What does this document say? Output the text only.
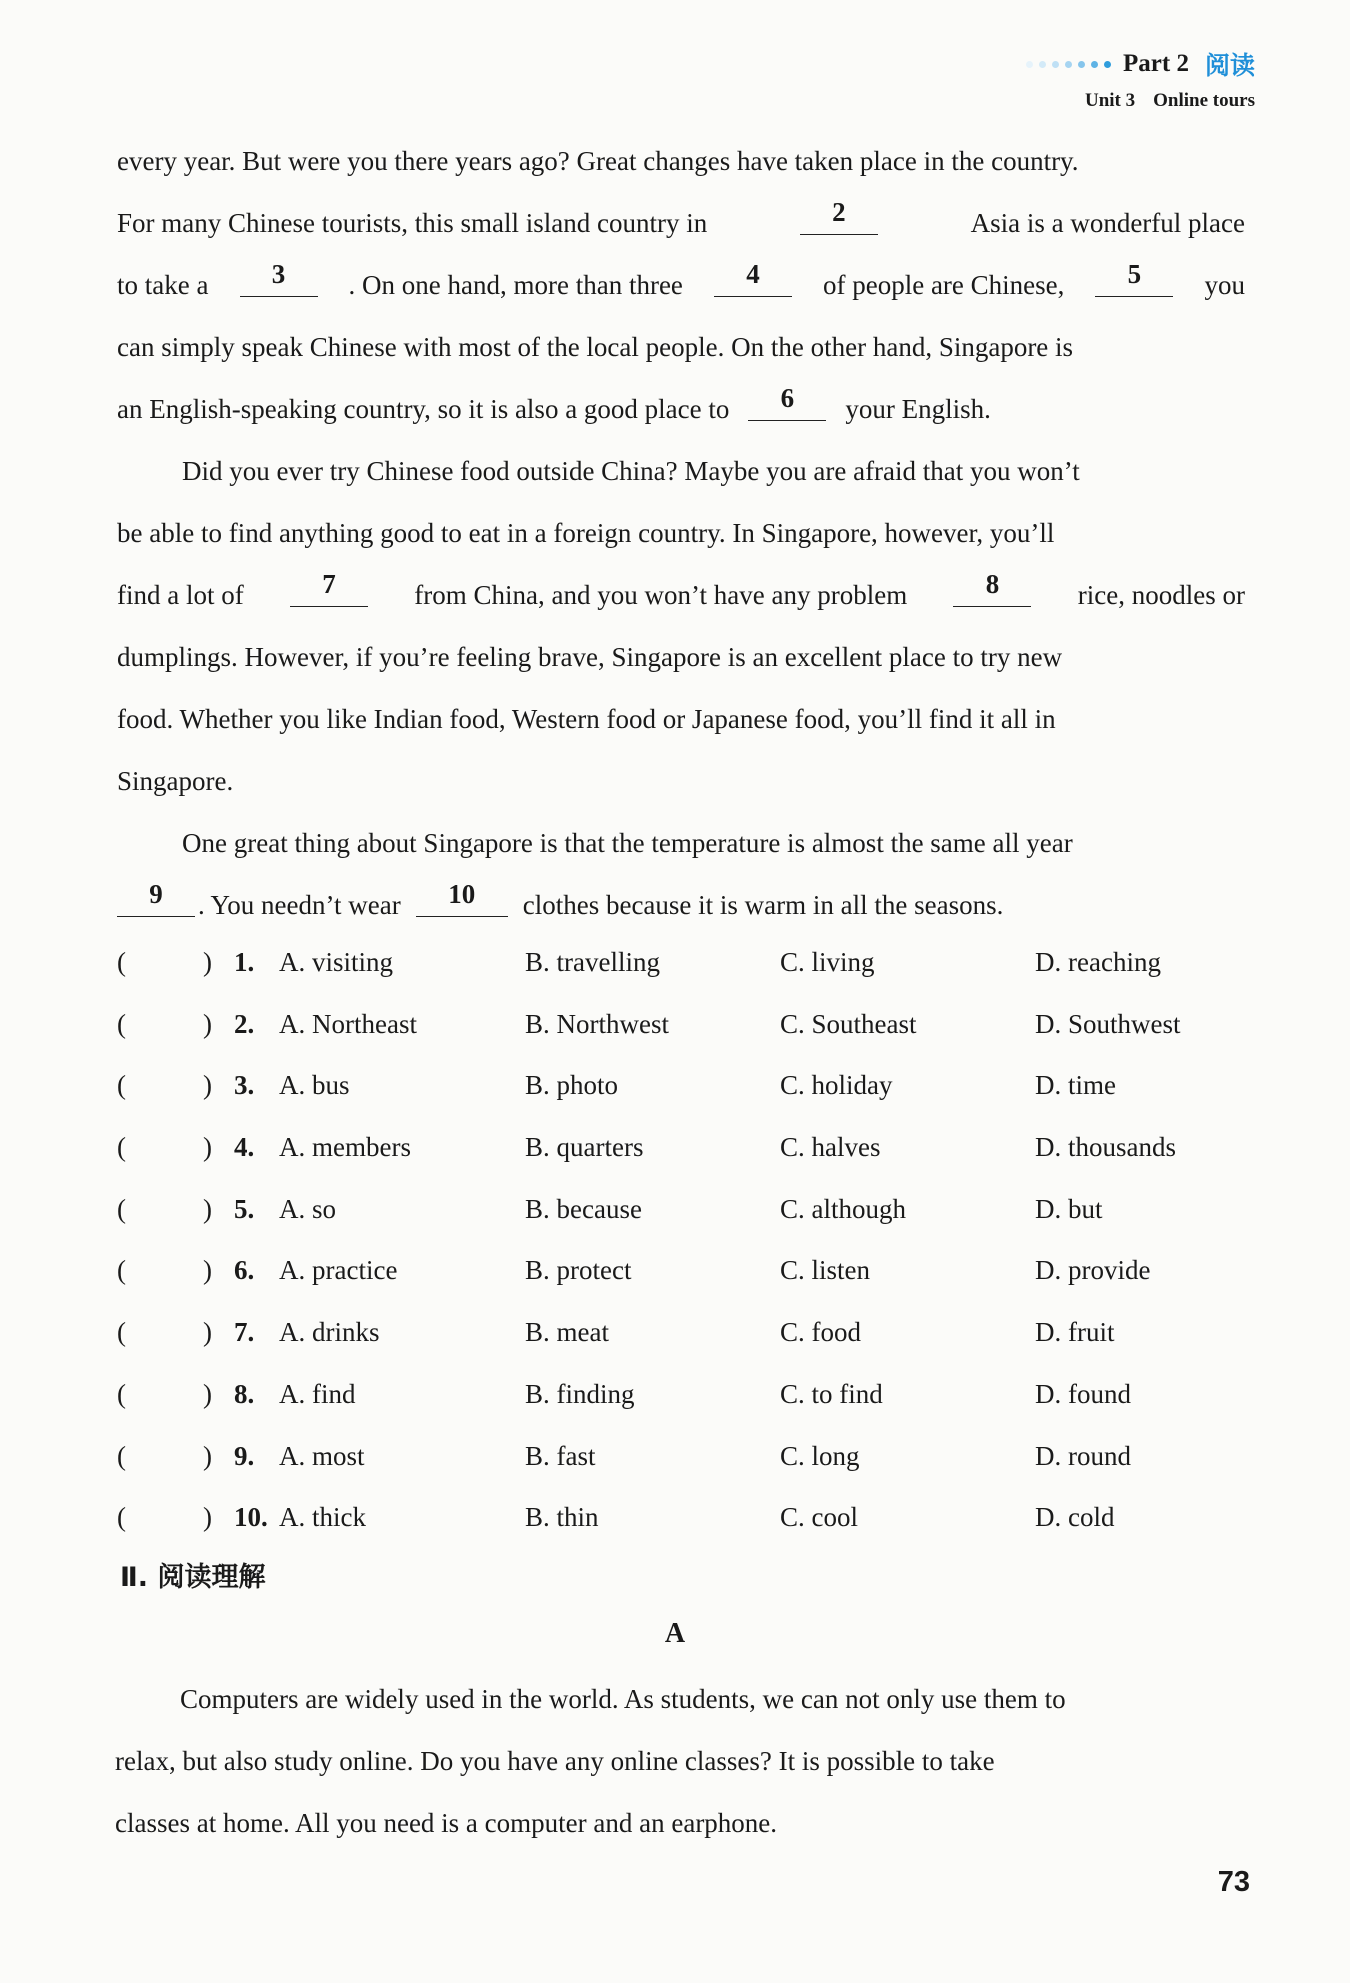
Part 2 阅读
Unit 3 Online tours
every year. But were you there years ago? Great changes have taken place in the country.
For many Chinese tourists, this small island country in	2	Asia is a wonderful place
to take a	3	. On one hand, more than three	4	of people are Chinese,	5	you
can simply speak Chinese with most of the local people. On the other hand, Singapore is
an English-speaking country, so it is also a good place to	6	your English.
Did you ever try Chinese food outside China? Maybe you are afraid that you won’t
be able to find anything good to eat in a foreign country. In Singapore, however, you’ll
find a lot of	7	from China, and you won’t have any problem	8	rice, noodles or
dumplings. However, if you’re feeling brave, Singapore is an excellent place to try new
food. Whether you like Indian food, Western food or Japanese food, you’ll find it all in
Singapore.
One great thing about Singapore is that the temperature is almost the same all year
9	. You needn’t wear	10	clothes because it is warm in all the seasons.
(	) 1. A. visiting	B. travelling	C. living	D. reaching
(	) 2. A. Northeast	B. Northwest	C. Southeast	D. Southwest
(	) 3. A. bus	B. photo	C. holiday	D. time
(	) 4. A. members	B. quarters	C. halves	D. thousands
(	) 5. A. so	B. because	C. although	D. but
(	) 6. A. practice	B. protect	C. listen	D. provide
(	) 7. A. drinks	B. meat	C. food	D. fruit
(	) 8. A. find	B. finding	C. to find	D. found
(	) 9. A. most	B. fast	C. long	D. round
(	) 10. A. thick	B. thin	C. cool	D. cold
Ⅱ. 阅读理解
A
Computers are widely used in the world. As students, we can not only use them to
relax, but also study online. Do you have any online classes? It is possible to take
classes at home. All you need is a computer and an earphone.
73
